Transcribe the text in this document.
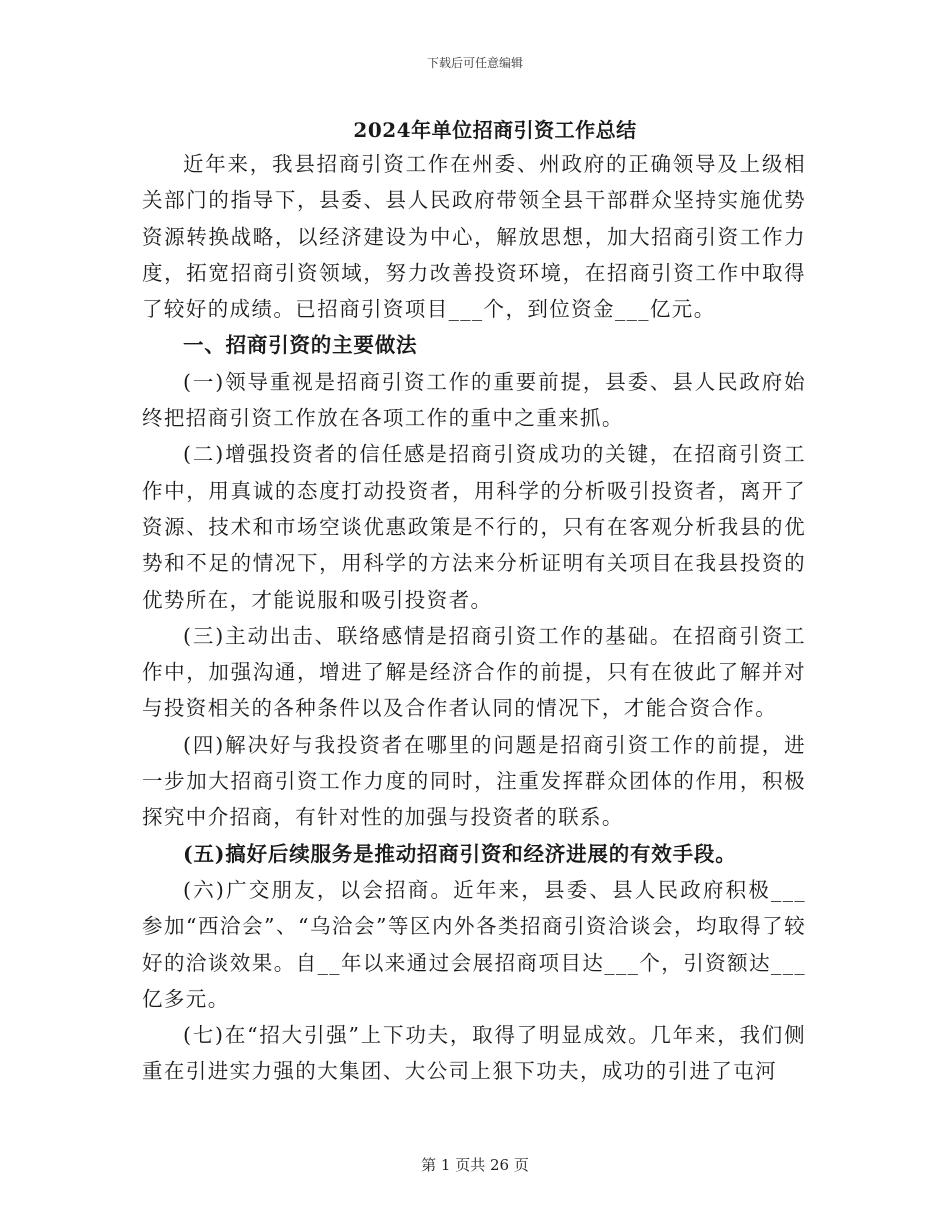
下载后可任意编辑
2024年单位招商引资工作总结

近年来，我县招商引资工作在州委、州政府的正确领导及上级相关部门的指导下，县委、县人民政府带领全县干部群众坚持实施优势资源转换战略，以经济建设为中心，解放思想，加大招商引资工作力度，拓宽招商引资领域，努力改善投资环境，在招商引资工作中取得了较好的成绩。已招商引资项目___个，到位资金___亿元。

一、招商引资的主要做法

(一)领导重视是招商引资工作的重要前提，县委、县人民政府始终把招商引资工作放在各项工作的重中之重来抓。

(二)增强投资者的信任感是招商引资成功的关键，在招商引资工作中，用真诚的态度打动投资者，用科学的分析吸引投资者，离开了资源、技术和市场空谈优惠政策是不行的，只有在客观分析我县的优势和不足的情况下，用科学的方法来分析证明有关项目在我县投资的优势所在，才能说服和吸引投资者。

(三)主动出击、联络感情是招商引资工作的基础。在招商引资工作中，加强沟通，增进了解是经济合作的前提，只有在彼此了解并对与投资相关的各种条件以及合作者认同的情况下，才能合资合作。

(四)解决好与我投资者在哪里的问题是招商引资工作的前提，进一步加大招商引资工作力度的同时，注重发挥群众团体的作用，积极探究中介招商，有针对性的加强与投资者的联系。

(五)搞好后续服务是推动招商引资和经济进展的有效手段。

(六)广交朋友，以会招商。近年来，县委、县人民政府积极___参加“西洽会”、“乌洽会”等区内外各类招商引资洽谈会，均取得了较好的洽谈效果。自__年以来通过会展招商项目达___个，引资额达___亿多元。

(七)在“招大引强”上下功夫，取得了明显成效。几年来，我们侧重在引进实力强的大集团、大公司上狠下功夫，成功的引进了屯河

第 1 页共 26 页
